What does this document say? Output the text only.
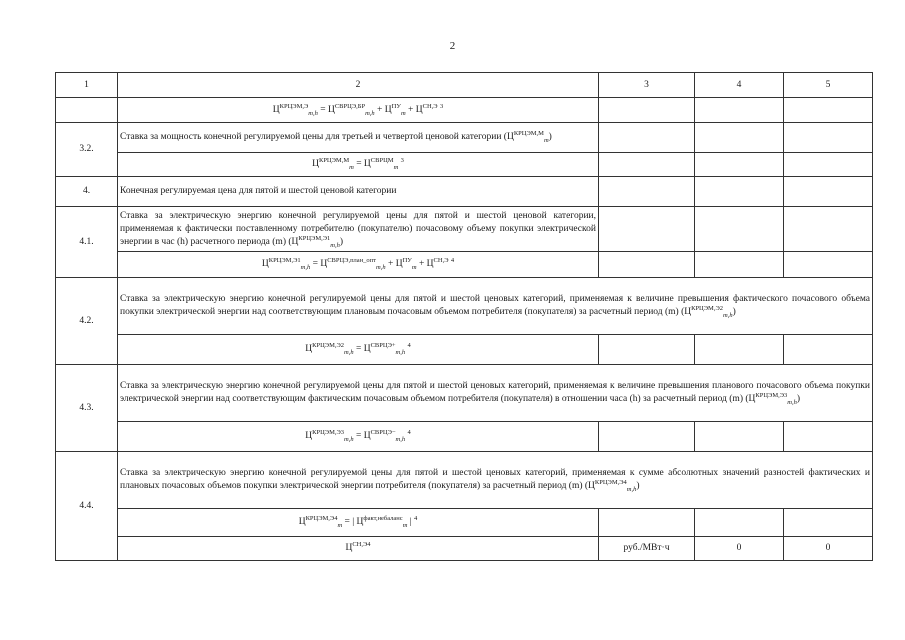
2
1	2	3	4	5
	$Ц^{КРЦЭМ,Э}_{m,h} = Ц^{СВРЦЭ,БР}_{m,h} + Ц^{ПУ}_m + Ц^{СН,Э}$ $^3$			
3.2.	Ставка за мощность конечной регулируемой цены для третьей и четвертой ценовой категории $(Ц^{КРЦЭМ,М}_m)$			
	$Ц^{КРЦЭМ,М}_m = Ц^{СВРЦМ}_m$ $^3$			
4.	Конечная регулируемая цена для пятой и шестой ценовой категории			
4.1.	Ставка за электрическую энергию конечной регулируемой цены для пятой и шестой ценовой категории, применяемая к фактически поставленному потребителю (покупателю) почасовому объему покупки электрической энергии в час (h) расчетного периода (m) $(Ц^{КРЦЭМ,Э1}_{m,h})$			
	$Ц^{КРЦЭМ,Э1}_{m,h} = Ц^{СВРЦЭ,план\_опт}_{m,h} + Ц^{ПУ}_m + Ц^{СН,Э}$ $^4$			
4.2.	Ставка за электрическую энергию конечной регулируемой цены для пятой и шестой ценовых категорий, применяемая к величине превышения фактического почасового объема покупки электрической энергии над соответствующим плановым почасовым объемом потребителя (покупателя) за расчетный период (m) $(Ц^{КРЦЭМ,Э2}_{m,h})$			
	$Ц^{КРЦЭМ,Э2}_{m,h} = Ц^{СВРЦЭ+}_{m,h}$ $^4$			
4.3.	Ставка за электрическую энергию конечной регулируемой цены для пятой и шестой ценовых категорий, применяемая к величине превышения планового почасового объема покупки электрической энергии над соответствующим фактическим почасовым объемом потребителя (покупателя) в отношении часа (h) за расчетный период (m) $(Ц^{КРЦЭМ,Э3}_{m,h})$			
	$Ц^{КРЦЭМ,Э3}_{m,h} = Ц^{СВРЦЭ-}_{m,h}$ $^4$			
4.4.	Ставка за электрическую энергию конечной регулируемой цены для пятой и шестой ценовых категорий, применяемая к сумме абсолютных значений разностей фактических и плановых почасовых объемов покупки электрической энергии потребителя (покупателя) за расчетный период (m) $(Ц^{КРЦЭМ,Э4}_{m,h})$			
	$Ц^{КРЦЭМ,Э4}_m$ = | $Ц^{факт,небаланс}_m$ | $^4$			
	$Ц^{СН,Э4}$	руб./МВт·ч	0	0
